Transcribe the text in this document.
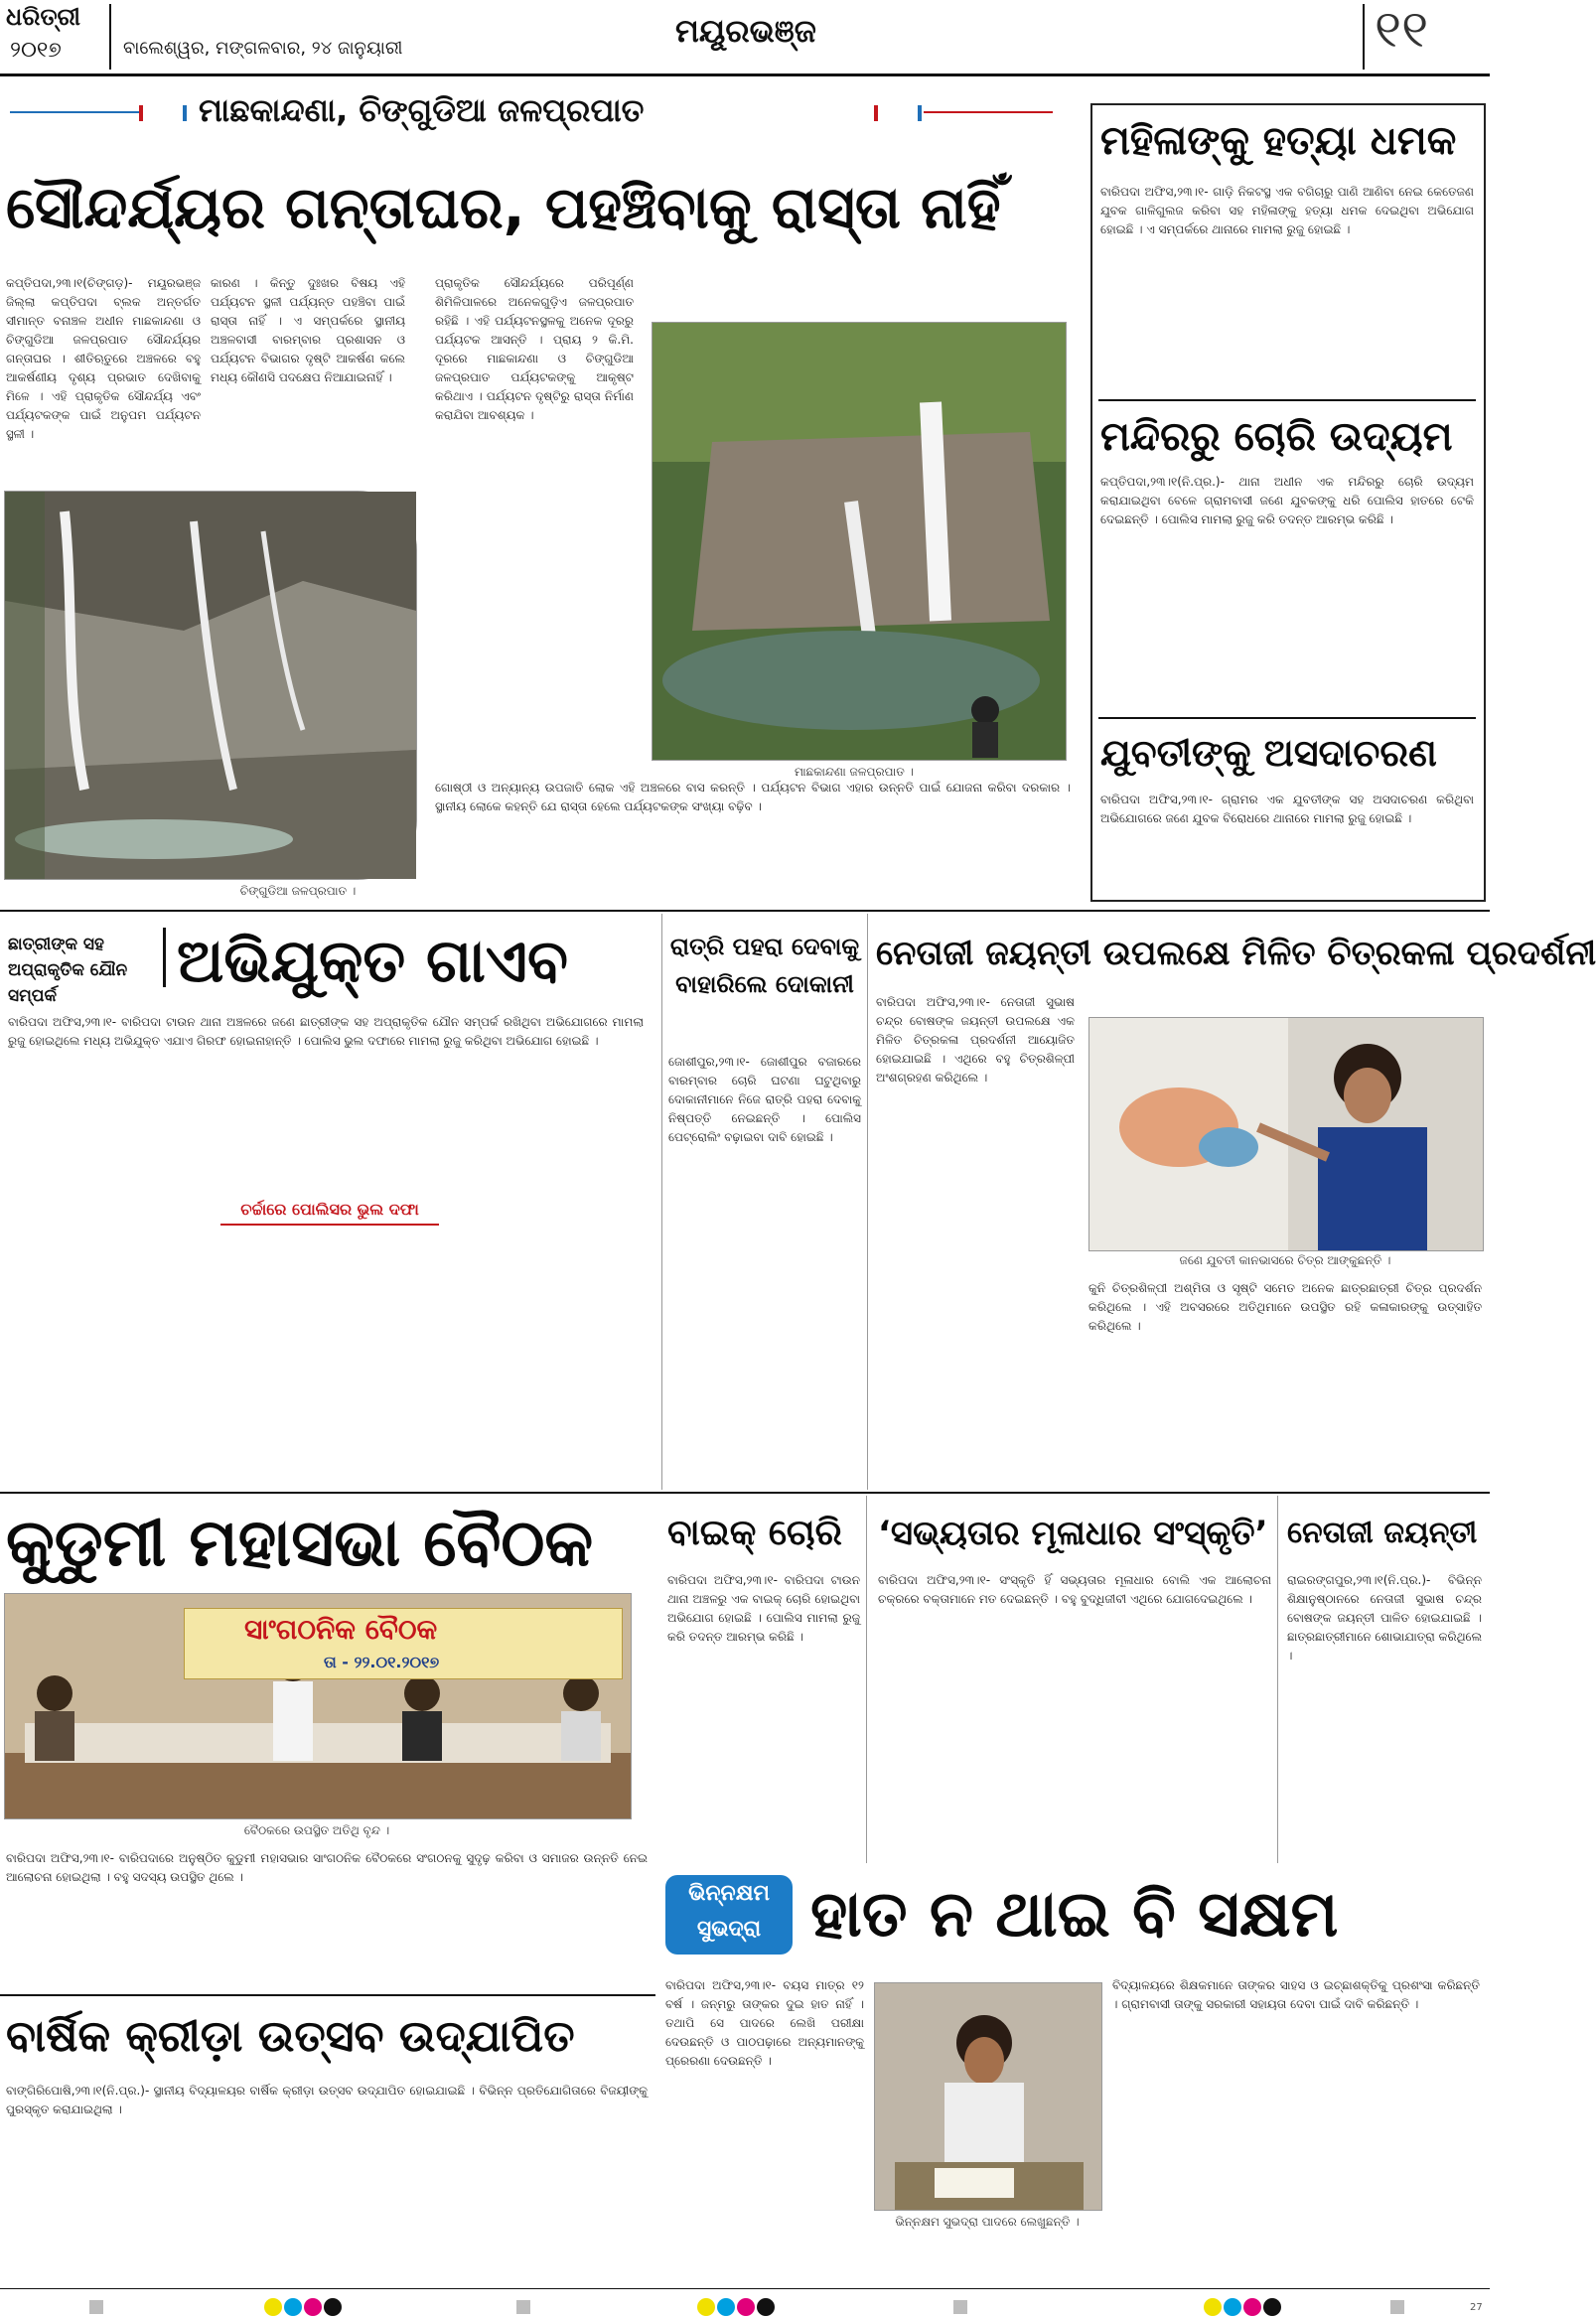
ଧରିତ୍ରୀ
୨୦୧୭	ବାଲେଶ୍ୱର, ମଙ୍ଗଳବାର, ୨୪ ଜାନୁୟାରୀ	ମୟୂରଭଞ୍ଜ	୧୧
ମାଛକାନ୍ଦଣା, ଚିଙ୍ଗୁଡିଆ ଜଳପ୍ରପାତ
ସୌନ୍ଦର୍ଯ୍ୟର ଗନ୍ତାଘର, ପହଞ୍ଚିବାକୁ ରାସ୍ତା ନାହିଁ
କପ୍ତିପଦା,୨୩।୧(ଚିଙ୍ଗଡ଼)- ମୟୂରଭଞ୍ଜ ଜିଲ୍ଲା କପ୍ତିପଦା ବ୍ଲକ ଅନ୍ତର୍ଗତ ସୀମାନ୍ତ ବନାଞ୍ଚଳ ଅଧୀନ ମାଛକାନ୍ଦଣା ଓ ଚିଙ୍ଗୁଡିଆ ଜଳପ୍ରପାତ ସୌନ୍ଦର୍ଯ୍ୟର ଗନ୍ତାଘର । ଶୀତିଋତୁରେ ଅଞ୍ଚଳରେ ବହୁ ଆକର୍ଷଣୀୟ ଦୃଶ୍ୟ ପ୍ରଭାତ ଦେଖିବାକୁ ମିଳେ । ଏହି ପ୍ରାକୃତିକ ସୌନ୍ଦର୍ଯ୍ୟ ଏବଂ ପର୍ଯ୍ୟଟକଙ୍କ ପାଇଁ ଅନୁପମ ପର୍ଯ୍ୟଟନ ସ୍ଥଳୀ ।
କାରଣ । କିନ୍ତୁ ଦୁଃଖର ବିଷୟ ଏହି ପର୍ଯ୍ୟଟନ ସ୍ଥଳୀ ପର୍ଯ୍ୟନ୍ତ ପହଞ୍ଚିବା ପାଇଁ ରାସ୍ତା ନାହିଁ । ଏ ସମ୍ପର୍କରେ ସ୍ଥାନୀୟ ଅଞ୍ଚଳବାସୀ ବାରମ୍ବାର ପ୍ରଶାସନ ଓ ପର୍ଯ୍ୟଟନ ବିଭାଗର ଦୃଷ୍ଟି ଆକର୍ଷଣ କଲେ ମଧ୍ୟ କୌଣସି ପଦକ୍ଷେପ ନିଆଯାଇନାହିଁ ।
ପ୍ରାକୃତିକ ସୌନ୍ଦର୍ଯ୍ୟରେ ପରିପୂର୍ଣ୍ଣ ଶିମିଳିପାଳରେ ଅନେକଗୁଡ଼ିଏ ଜଳପ୍ରପାତ ରହିଛି । ଏହି ପର୍ଯ୍ୟଟନସ୍ଥଳକୁ ଅନେକ ଦୂରରୁ ପର୍ଯ୍ୟଟକ ଆସନ୍ତି । ପ୍ରାୟ ୨ କି.ମି. ଦୂରରେ ମାଛକାନ୍ଦଣା ଓ ଚିଙ୍ଗୁଡିଆ ଜଳପ୍ରପାତ ପର୍ଯ୍ୟଟକଙ୍କୁ ଆକୃଷ୍ଟ କରିଥାଏ । ପର୍ଯ୍ୟଟନ ଦୃଷ୍ଟିରୁ ରାସ୍ତା ନିର୍ମାଣ କରାଯିବା ଆବଶ୍ୟକ ।
ଗୋଷ୍ଠୀ ଓ ଅନ୍ୟାନ୍ୟ ଉପଜାତି ଲୋକ ଏହି ଅଞ୍ଚଳରେ ବାସ କରନ୍ତି । ପର୍ଯ୍ୟଟନ ବିଭାଗ ଏହାର ଉନ୍ନତି ପାଇଁ ଯୋଜନା କରିବା ଦରକାର । ସ୍ଥାନୀୟ ଲୋକେ କହନ୍ତି ଯେ ରାସ୍ତା ହେଲେ ପର୍ଯ୍ୟଟକଙ୍କ ସଂଖ୍ୟା ବଢ଼ିବ ।
ଚିଙ୍ଗୁଡିଆ ଜଳପ୍ରପାତ ।
ମାଛକାନ୍ଦଣା ଜଳପ୍ରପାତ ।
ମହିଳାଙ୍କୁ ହତ୍ୟା ଧମକ
ବାରିପଦା ଅଫିସ,୨୩।୧- ଗାଡ଼ି ନିକଟସ୍ଥ ଏକ ବଗିଚାରୁ ପାଣି ଆଣିବା ନେଇ କେତେଜଣ ଯୁବକ ଗାଳିଗୁଲଜ କରିବା ସହ ମହିଳାଙ୍କୁ ହତ୍ୟା ଧମକ ଦେଇଥିବା ଅଭିଯୋଗ ହୋଇଛି । ଏ ସମ୍ପର୍କରେ ଥାନାରେ ମାମଲା ରୁଜୁ ହୋଇଛି ।
ମନ୍ଦିରରୁ ଚୋରି ଉଦ୍ୟମ
କପ୍ତିପଦା,୨୩।୧(ନି.ପ୍ର.)- ଥାନା ଅଧୀନ ଏକ ମନ୍ଦିରରୁ ଚୋରି ଉଦ୍ୟମ କରାଯାଇଥିବା ବେଳେ ଗ୍ରାମବାସୀ ଜଣେ ଯୁବକଙ୍କୁ ଧରି ପୋଲିସ ହାତରେ ଟେକି ଦେଇଛନ୍ତି । ପୋଲିସ ମାମଲା ରୁଜୁ କରି ତଦନ୍ତ ଆରମ୍ଭ କରିଛି ।
ଯୁବତୀଙ୍କୁ ଅସଦାଚରଣ
ବାରିପଦା ଅଫିସ,୨୩।୧- ଗ୍ରାମର ଏକ ଯୁବତୀଙ୍କ ସହ ଅସଦାଚରଣ କରିଥିବା ଅଭିଯୋଗରେ ଜଣେ ଯୁବକ ବିରୋଧରେ ଥାନାରେ ମାମଲା ରୁଜୁ ହୋଇଛି ।
ଛାତ୍ରୀଙ୍କ ସହ ଅପ୍ରାକୃତିକ ଯୌନ ସମ୍ପର୍କ	ଅଭିଯୁକ୍ତ ଗାଏବ
ବାରିପଦା ଅଫିସ,୨୩।୧- ବାରିପଦା ଟାଉନ ଥାନା ଅଞ୍ଚଳରେ ଜଣେ ଛାତ୍ରୀଙ୍କ ସହ ଅପ୍ରାକୃତିକ ଯୌନ ସମ୍ପର୍କ ରଖିଥିବା ଅଭିଯୋଗରେ ମାମଲା ରୁଜୁ ହୋଇଥିଲେ ମଧ୍ୟ ଅଭିଯୁକ୍ତ ଏଯାଏ ଗିରଫ ହୋଇନାହାନ୍ତି । ପୋଲିସ ଭୁଲ ଦଫାରେ ମାମଲା ରୁଜୁ କରିଥିବା ଅଭିଯୋଗ ହୋଇଛି ।
ଚର୍ଚ୍ଚାରେ ପୋଲିସର ଭୁଲ ଦଫା
ରାତ୍ରି ପହରା ଦେବାକୁ ବାହାରିଲେ ଦୋକାନୀ
ଜୋଶୀପୁର,୨୩।୧- ଜୋଶୀପୁର ବଜାରରେ ବାରମ୍ବାର ଚୋରି ଘଟଣା ଘଟୁଥିବାରୁ ଦୋକାନୀମାନେ ନିଜେ ରାତ୍ରି ପହରା ଦେବାକୁ ନିଷ୍ପତ୍ତି ନେଇଛନ୍ତି । ପୋଲିସ ପେଟ୍ରୋଲିଂ ବଢ଼ାଇବା ଦାବି ହୋଇଛି ।
ନେତାଜୀ ଜୟନ୍ତୀ ଉପଲକ୍ଷେ ମିଳିତ ଚିତ୍ରକଳା ପ୍ରଦର୍ଶନୀ
ବାରିପଦା ଅଫିସ,୨୩।୧- ନେତାଜୀ ସୁଭାଷ ଚନ୍ଦ୍ର ବୋଷଙ୍କ ଜୟନ୍ତୀ ଉପଲକ୍ଷେ ଏକ ମିଳିତ ଚିତ୍ରକଳା ପ୍ରଦର୍ଶନୀ ଆୟୋଜିତ ହୋଇଯାଇଛି । ଏଥିରେ ବହୁ ଚିତ୍ରଶିଳ୍ପୀ ଅଂଶଗ୍ରହଣ କରିଥିଲେ ।
ଜଣେ ଯୁବତୀ କାନଭାସରେ ଚିତ୍ର ଆଙ୍କୁଛନ୍ତି ।
କୁନି ଚିତ୍ରଶିଳ୍ପୀ ଅଶ୍ମିତା ଓ ସୃଷ୍ଟି ସମେତ ଅନେକ ଛାତ୍ରଛାତ୍ରୀ ଚିତ୍ର ପ୍ରଦର୍ଶନ କରିଥିଲେ । ଏହି ଅବସରରେ ଅତିଥିମାନେ ଉପସ୍ଥିତ ରହି କଳାକାରଙ୍କୁ ଉତ୍ସାହିତ କରିଥିଲେ ।
କୁଡୁମୀ ମହାସଭା ବୈଠକ
ସାଂଗଠନିକ ବୈଠକ
ତା - ୨୨.୦୧.୨୦୧୭
ବୈଠକରେ ଉପସ୍ଥିତ ଅତିଥି ବୃନ୍ଦ ।
ବାରିପଦା ଅଫିସ,୨୩।୧- ବାରିପଦାରେ ଅନୁଷ୍ଠିତ କୁଡୁମୀ ମହାସଭାର ସାଂଗଠନିକ ବୈଠକରେ ସଂଗଠନକୁ ସୁଦୃଢ଼ କରିବା ଓ ସମାଜର ଉନ୍ନତି ନେଇ ଆଲୋଚନା ହୋଇଥିଲା । ବହୁ ସଦସ୍ୟ ଉପସ୍ଥିତ ଥିଲେ ।
ବାଇକ୍ ଚୋରି
ବାରିପଦା ଅଫିସ,୨୩।୧- ବାରିପଦା ଟାଉନ ଥାନା ଅଞ୍ଚଳରୁ ଏକ ବାଇକ୍ ଚୋରି ହୋଇଥିବା ଅଭିଯୋଗ ହୋଇଛି । ପୋଲିସ ମାମଲା ରୁଜୁ କରି ତଦନ୍ତ ଆରମ୍ଭ କରିଛି ।
‘ସଭ୍ୟତାର ମୂଳାଧାର ସଂସ୍କୃତି’
ବାରିପଦା ଅଫିସ,୨୩।୧- ସଂସ୍କୃତି ହିଁ ସଭ୍ୟତାର ମୂଳାଧାର ବୋଲି ଏକ ଆଲୋଚନା ଚକ୍ରରେ ବକ୍ତାମାନେ ମତ ଦେଇଛନ୍ତି । ବହୁ ବୁଦ୍ଧିଜୀବୀ ଏଥିରେ ଯୋଗଦେଇଥିଲେ ।
ନେତାଜୀ ଜୟନ୍ତୀ
ରାଇରଙ୍ଗପୁର,୨୩।୧(ନି.ପ୍ର.)- ବିଭିନ୍ନ ଶିକ୍ଷାନୁଷ୍ଠାନରେ ନେତାଜୀ ସୁଭାଷ ଚନ୍ଦ୍ର ବୋଷଙ୍କ ଜୟନ୍ତୀ ପାଳିତ ହୋଇଯାଇଛି । ଛାତ୍ରଛାତ୍ରୀମାନେ ଶୋଭାଯାତ୍ରା କରିଥିଲେ ।
ଭିନ୍ନକ୍ଷମ
ସୁଭଦ୍ରା ହାତ ନ ଥାଇ ବି ସକ୍ଷମ
ବାରିପଦା ଅଫିସ,୨୩।୧- ବୟସ ମାତ୍ର ୧୨ ବର୍ଷ । ଜନ୍ମରୁ ତାଙ୍କର ଦୁଇ ହାତ ନାହିଁ । ତଥାପି ସେ ପାଦରେ ଲେଖି ପରୀକ୍ଷା ଦେଉଛନ୍ତି ଓ ପାଠପଢ଼ାରେ ଅନ୍ୟମାନଙ୍କୁ ପ୍ରେରଣା ଦେଉଛନ୍ତି ।
ଭିନ୍ନକ୍ଷମ ସୁଭଦ୍ରା ପାଦରେ ଲେଖୁଛନ୍ତି ।
ବିଦ୍ୟାଳୟରେ ଶିକ୍ଷକମାନେ ତାଙ୍କର ସାହସ ଓ ଇଚ୍ଛାଶକ୍ତିକୁ ପ୍ରଶଂସା କରିଛନ୍ତି । ଗ୍ରାମବାସୀ ତାଙ୍କୁ ସରକାରୀ ସହାୟତା ଦେବା ପାଇଁ ଦାବି କରିଛନ୍ତି ।
ବାର୍ଷିକ କ୍ରୀଡ଼ା ଉତ୍ସବ ଉଦ୍‌ଯାପିତ
ବାଙ୍ଗିରିପୋଷି,୨୩।୧(ନି.ପ୍ର.)- ସ୍ଥାନୀୟ ବିଦ୍ୟାଳୟର ବାର୍ଷିକ କ୍ରୀଡ଼ା ଉତ୍ସବ ଉଦ୍‌ଯାପିତ ହୋଇଯାଇଛି । ବିଭିନ୍ନ ପ୍ରତିଯୋଗିତାରେ ବିଜୟୀଙ୍କୁ ପୁରସ୍କୃତ କରାଯାଇଥିଲା ।
27
